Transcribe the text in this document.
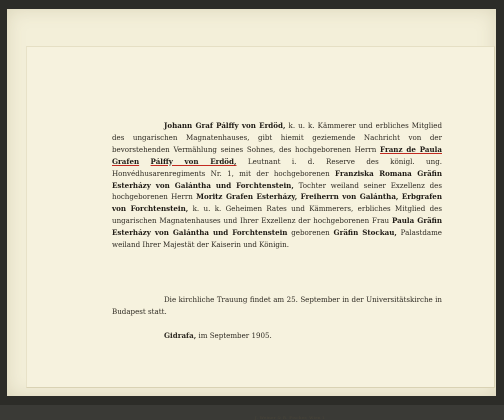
Johann Graf Pálffy von Erdöd, k. u. k. Kämmerer und erbliches Mitglied des ungarischen Magnatenhauses, gibt hiemit geziemende Nachricht von der bevorstehenden Vermählung seines Sohnes, des hochgeborenen Herrn Franz de Paula Grafen Pálffy von Erdöd, Leutnant i. d. Reserve des königl. ung. Honvédhusarenregiments Nr. 1, mit der hochgeborenen Franziska Romana Gräfin Esterházy von Galántha und Forchtenstein, Tochter weiland seiner Exzellenz des hochgeborenen Herrn Moritz Grafen Esterházy, Freiherrn von Galántha, Erbgrafen von Forchtenstein, k. u. k. Geheimen Rates und Kämmerers, erbliches Mitglied des ungarischen Magnatenhauses und Ihrer Exzellenz der hochgeborenen Frau Paula Gräfin Esterházy von Galántha und Forchtenstein geborenen Gräfin Stockau, Palastdame weiland Ihrer Majestät der Kaiserin und Königin.

Die kirchliche Trauung findet am 25. September in der Universitätskirche in Budapest statt.

Gidrafa, im September 1905.

J. Weiner & R. Fischer, Wien I.
